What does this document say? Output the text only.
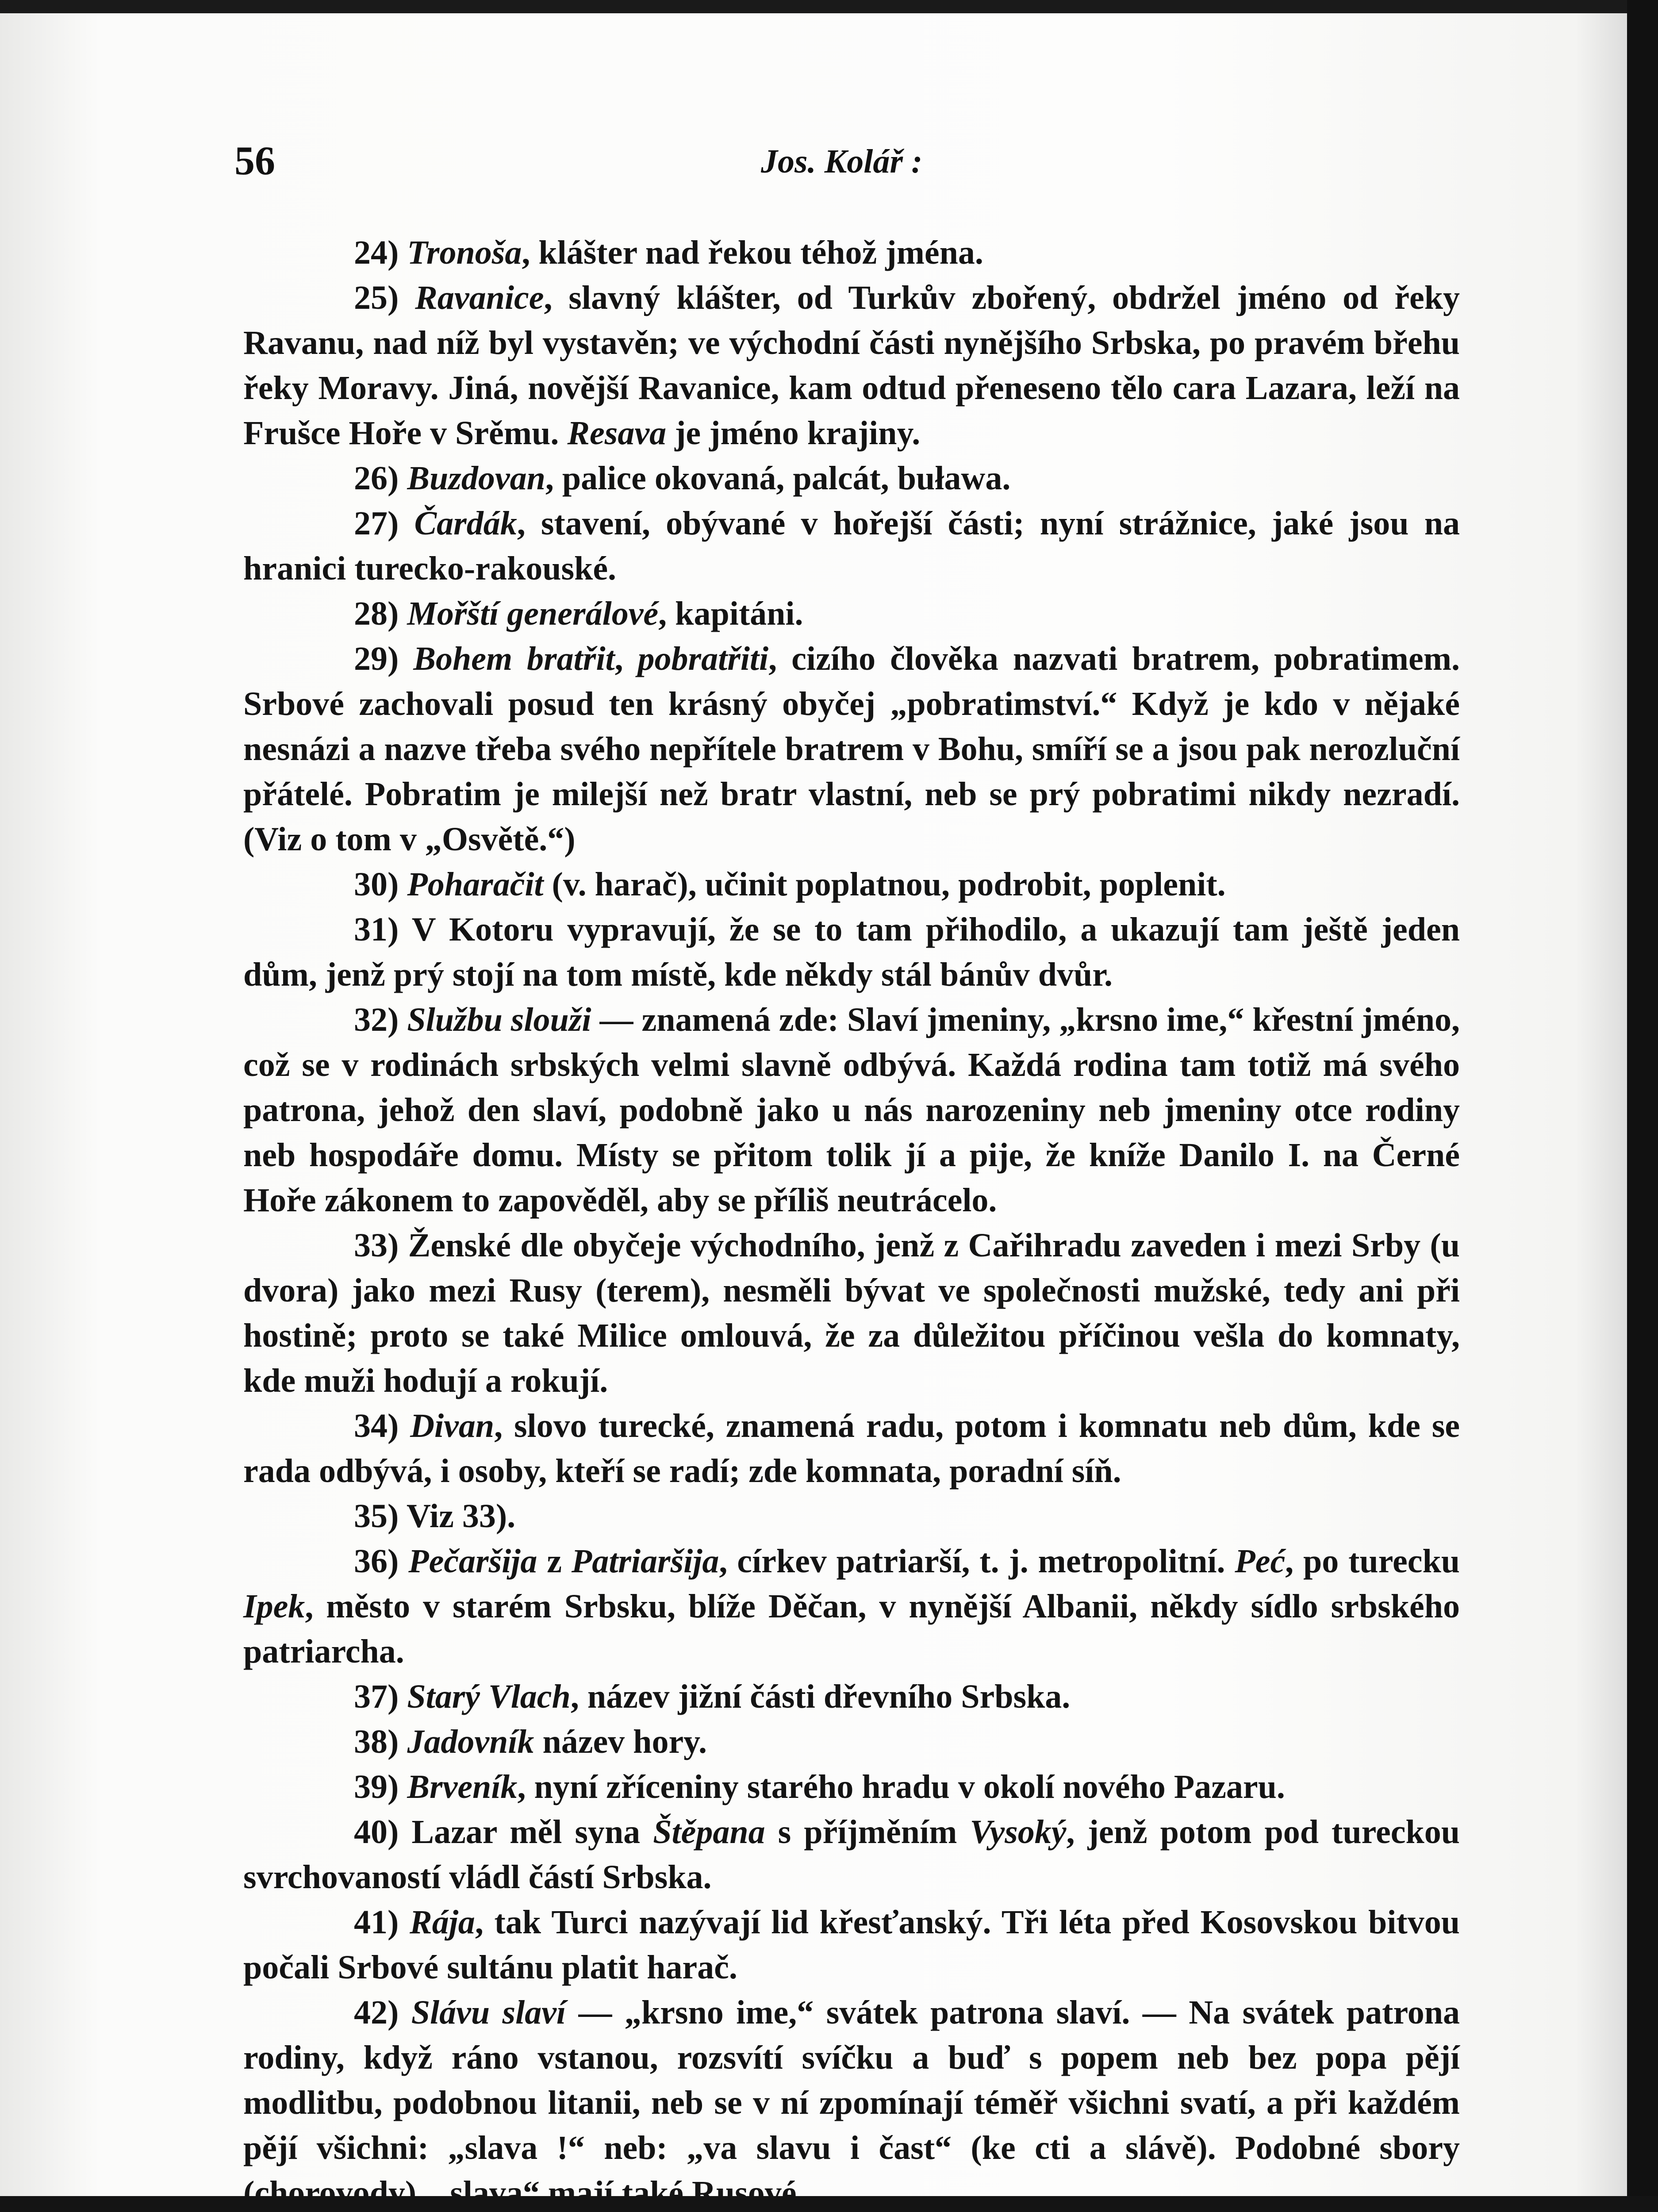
56	Jos. Kolář :

24) Tronoša, klášter nad řekou téhož jména.

25) Ravanice, slavný klášter, od Turkův zbořený, obdržel jméno od řeky Ravanu, nad níž byl vystavěn; ve východní části nynějšího Srbska, po pravém břehu řeky Moravy. Jiná, novější Ravanice, kam odtud přeneseno tělo cara Lazara, leží na Frušce Hoře v Srěmu. Resava je jméno krajiny.

26) Buzdovan, palice okovaná, palcát, buława.

27) Čardák, stavení, obývané v hořejší části; nyní strážnice, jaké jsou na hranici turecko-rakouské.

28) Mořští generálové, kapitáni.

29) Bohem bratřit, pobratřiti, cizího člověka nazvati bratrem, pobratimem. Srbové zachovali posud ten krásný obyčej „pobratimství.“ Když je kdo v nějaké nesnázi a nazve třeba svého nepřítele bratrem v Bohu, smíří se a jsou pak nerozluční přátelé. Pobratim je milejší než bratr vlastní, neb se prý pobratimi nikdy nezradí. (Viz o tom v „Osvětě.“)

30) Poharačit (v. harač), učinit poplatnou, podrobit, poplenit.

31) V Kotoru vypravují, že se to tam přihodilo, a ukazují tam ještě jeden dům, jenž prý stojí na tom místě, kde někdy stál bánův dvůr.

32) Službu slouži — znamená zde: Slaví jmeniny, „krsno ime,“ křestní jméno, což se v rodinách srbských velmi slavně odbývá. Každá rodina tam totiž má svého patrona, jehož den slaví, podobně jako u nás narozeniny neb jmeniny otce rodiny neb hospodáře domu. Místy se přitom tolik jí a pije, že kníže Danilo I. na Černé Hoře zákonem to zapověděl, aby se příliš neutrácelo.

33) Ženské dle obyčeje východního, jenž z Cařihradu zaveden i mezi Srby (u dvora) jako mezi Rusy (terem), nesměli bývat ve společnosti mužské, tedy ani při hostině; proto se také Milice omlouvá, že za důležitou příčinou vešla do komnaty, kde muži hodují a rokují.

34) Divan, slovo turecké, znamená radu, potom i komnatu neb dům, kde se rada odbývá, i osoby, kteří se radí; zde komnata, poradní síň.

35) Viz 33).

36) Pečaršija z Patriaršija, církev patriarší, t. j. metropolitní. Peć, po turecku Ipek, město v starém Srbsku, blíže Děčan, v nynější Albanii, někdy sídlo srbského patriarcha.

37) Starý Vlach, název jižní části dřevního Srbska.

38) Jadovník název hory.

39) Brveník, nyní zříceniny starého hradu v okolí nového Pazaru.

40) Lazar měl syna Štěpana s příjměním Vysoký, jenž potom pod tureckou svrchovaností vládl částí Srbska.

41) Rája, tak Turci nazývají lid křesťanský. Tři léta před Kosovskou bitvou počali Srbové sultánu platit harač.

42) Slávu slaví — „krsno ime,“ svátek patrona slaví. — Na svátek patrona rodiny, když ráno vstanou, rozsvítí svíčku a buď s popem neb bez popa pějí modlitbu, podobnou litanii, neb se v ní zpomínají téměř všichni svatí, a při každém pějí všichni: „slava !“ neb: „va slavu i čast“ (ke cti a slávě). Podobné sbory (chorovody), „slava“ mají také Rusové.
